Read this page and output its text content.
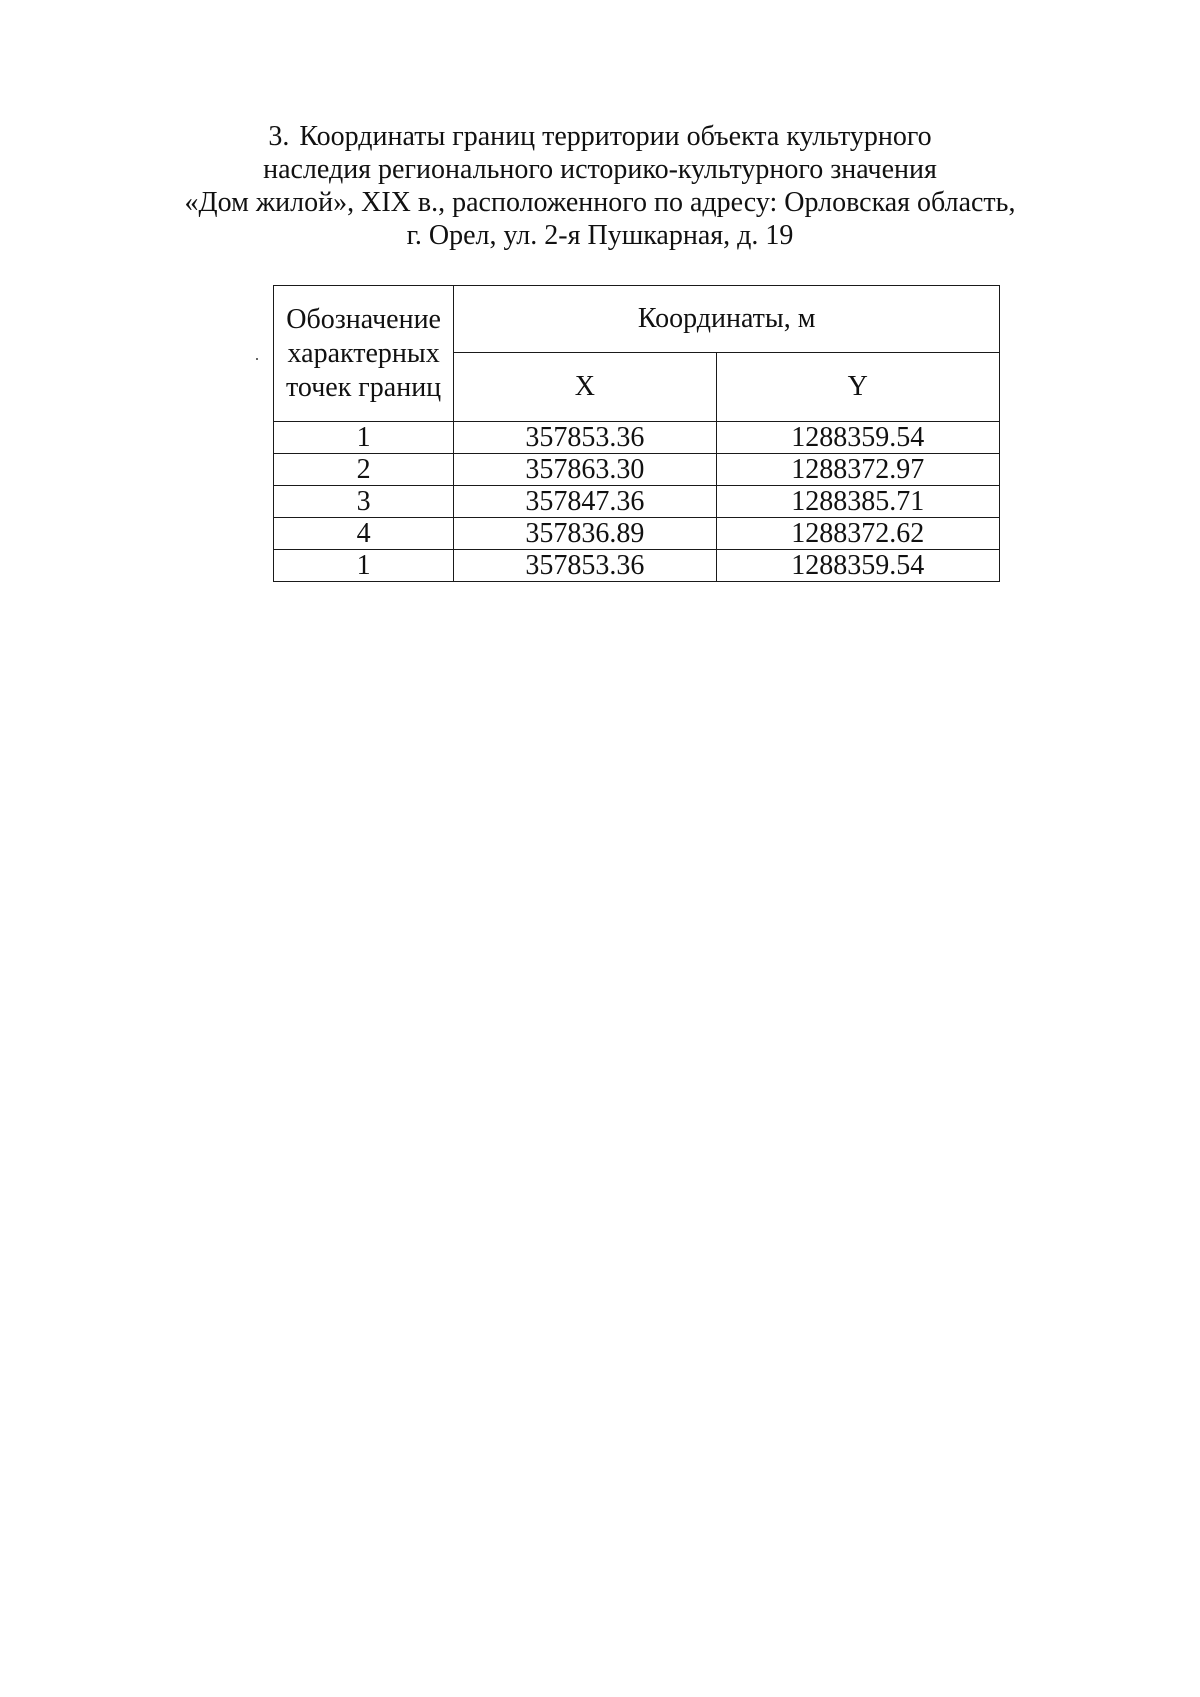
3. Координаты границ территории объекта культурного
наследия регионального историко-культурного значения
«Дом жилой», XIX в., расположенного по адресу: Орловская область,
г. Орел, ул. 2-я Пушкарная, д. 19
Обозначение характерных точек границ	Координаты, м	
	X	Y
1	357853.36	1288359.54
2	357863.30	1288372.97
3	357847.36	1288385.71
4	357836.89	1288372.62
1	357853.36	1288359.54
